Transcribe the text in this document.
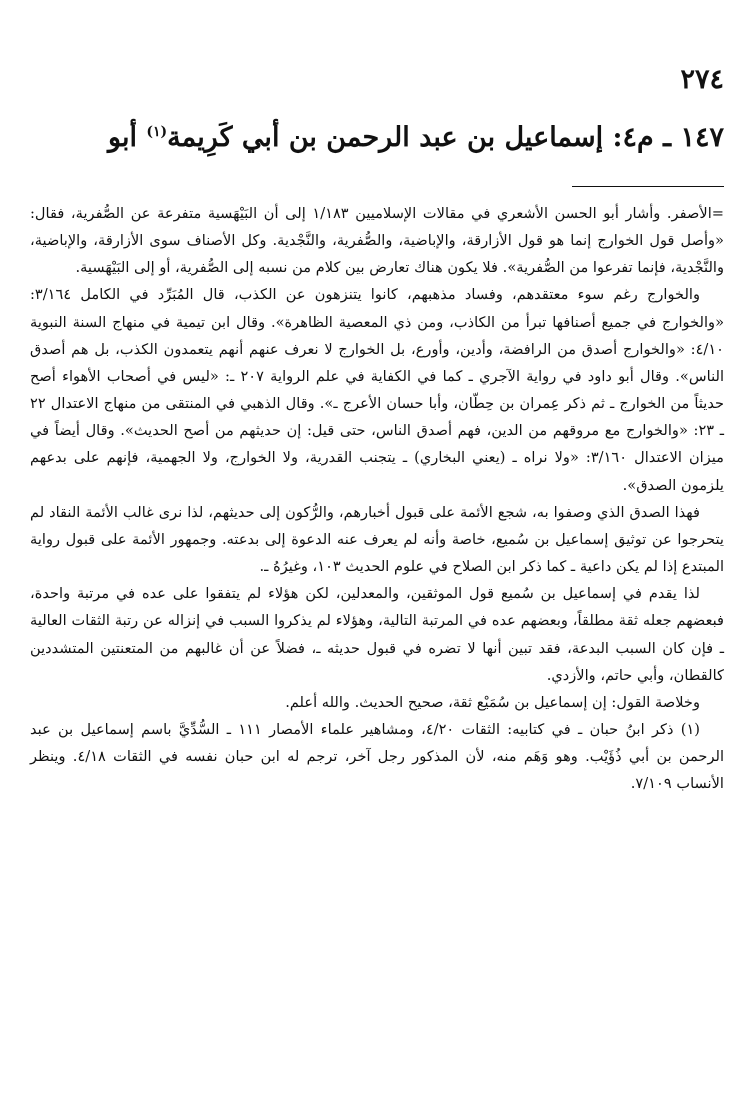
٢٧٤
١٤٧ ـ م٤: إسماعيل بن عبد الرحمن بن أبي كَرِيمة$^{(١)}$ أبو

=الأصفر. وأشار أبو الحسن الأشعري في مقالات الإسلاميين ١/١٨٣ إلى أن البَيْهَسية متفرعة عن الصُّفرية، فقال: «وأصل قول الخوارج إنما هو قول الأزارقة، والإباضية، والصُّفرية، والنَّجْدية. وكل الأصناف سوى الأزارقة، والإباضية، والنَّجْدية، فإنما تفرعوا من الصُّفرية». فلا يكون هناك تعارض بين كلام من نسبه إلى الصُّفرية، أو إلى البَيْهَسية.

والخوارج رغم سوء معتقدهم، وفساد مذهبهم، كانوا يتنزهون عن الكذب، قال المُبَرِّد في الكامل ٣/١٦٤: «والخوارج في جميع أصنافها تبرأ من الكاذب، ومن ذي المعصية الظاهرة». وقال ابن تيمية في منهاج السنة النبوية ٤/١٠: «والخوارج أصدق من الرافضة، وأدين، وأورع، بل الخوارج لا نعرف عنهم أنهم يتعمدون الكذب، بل هم أصدق الناس». وقال أبو داود في رواية الآجري ـ كما في الكفاية في علم الرواية ٢٠٧ ـ: «ليس في أصحاب الأهواء أصح حديثاً من الخوارج ـ ثم ذكر عِمران بن حِطّان، وأبا حسان الأعرج ـ». وقال الذهبي في المنتقى من منهاج الاعتدال ٢٢ ـ ٢٣: «والخوارج مع مروقهم من الدين، فهم أصدق الناس، حتى قيل: إن حديثهم من أصح الحديث». وقال أيضاً في ميزان الاعتدال ٣/١٦٠: «ولا نراه ـ (يعني البخاري) ـ يتجنب القدرية، ولا الخوارج، ولا الجهمية، فإنهم على بدعهم يلزمون الصدق».

فهذا الصدق الذي وصفوا به، شجع الأئمة على قبول أخبارهم، والرُّكون إلى حديثهم، لذا نرى غالب الأئمة النقاد لم يتحرجوا عن توثيق إسماعيل بن سُميع، خاصة وأنه لم يعرف عنه الدعوة إلى بدعته. وجمهور الأئمة على قبول رواية المبتدع إذا لم يكن داعية ـ كما ذكر ابن الصلاح في علوم الحديث ١٠٣، وغيرُهُ ـ.

لذا يقدم في إسماعيل بن سُميع قول الموثقين، والمعدلين، لكن هؤلاء لم يتفقوا على عده في مرتبة واحدة، فبعضهم جعله ثقة مطلقاً، وبعضهم عده في المرتبة التالية، وهؤلاء لم يذكروا السبب في إنزاله عن رتبة الثقات العالية ـ فإن كان السبب البدعة، فقد تبين أنها لا تضره في قبول حديثه ـ، فضلاً عن أن غالبهم من المتعنتين المتشددين كالقطان، وأبي حاتم، والأزدي.

وخلاصة القول: إن إسماعيل بن سُمَيْع ثقة، صحيح الحديث. والله أعلم.

(١) ذكر ابنُ حبان ـ في كتابيه: الثقات ٤/٢٠، ومشاهير علماء الأمصار ١١١ ـ السُّدِّيَّ باسم إسماعيل بن عبد الرحمن بن أبي ذُؤَيْب. وهو وَهَم منه، لأن المذكور رجل آخر، ترجم له ابن حبان نفسه في الثقات ٤/١٨. وينظر الأنساب ٧/١٠٩.
